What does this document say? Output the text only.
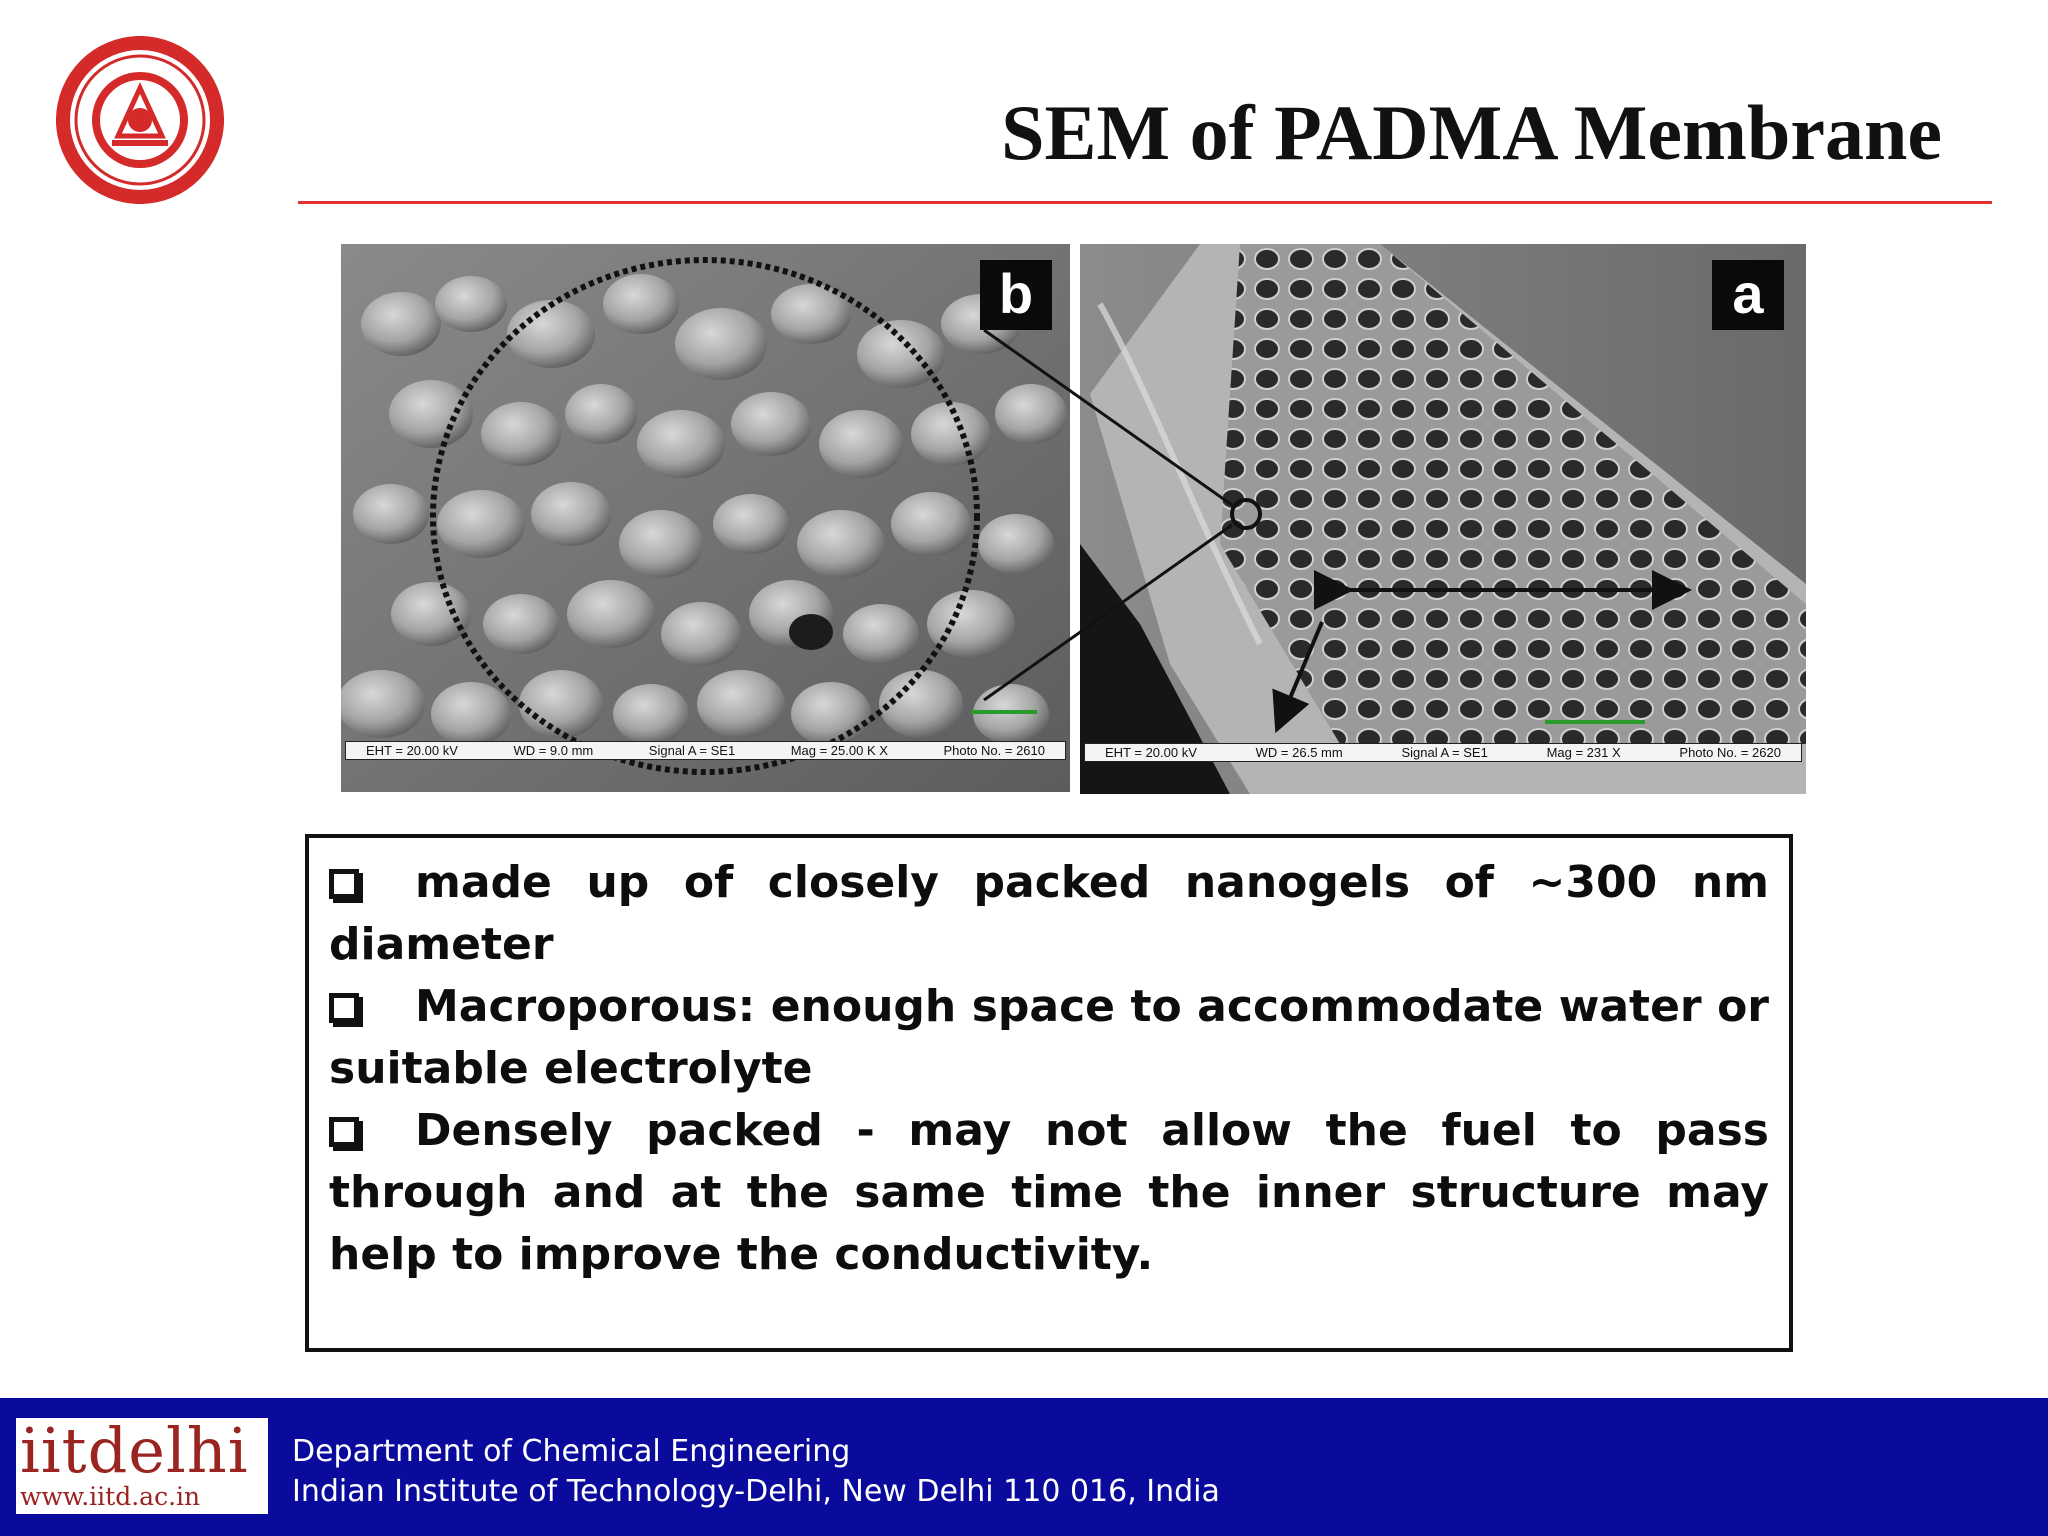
SEM of PADMA Membrane
b
EHT = 20.00 kV	WD = 9.0 mm	Signal A = SE1	Mag = 25.00 K X	Photo No. = 2610
a
EHT = 20.00 kV	WD = 26.5 mm	Signal A = SE1	Mag = 231 X	Photo No. = 2620

made up of closely packed nanogels of ~300 nm diameter

Macroporous: enough space to accommodate water or suitable electrolyte

Densely packed - may not allow the fuel to pass through and at the same time the inner structure may help to improve the conductivity.

iitdelhi
www.iitd.ac.in
Department of Chemical Engineering
Indian Institute of Technology-Delhi, New Delhi 110 016, India
